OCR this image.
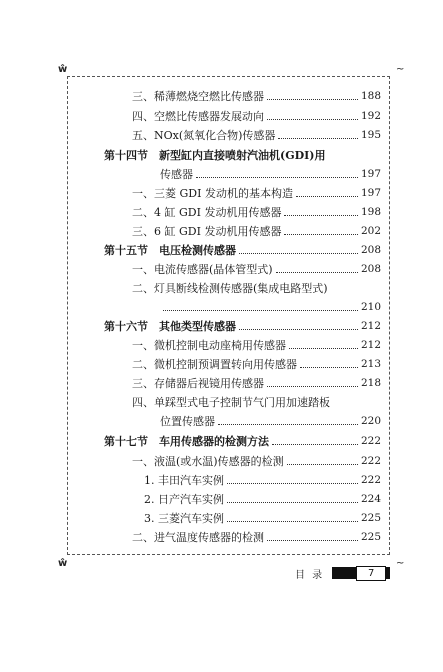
ŵ
ŵ
~
~
三、稀薄燃烧空燃比传感器	188
四、空燃比传感器发展动向	192
五、NOx(氮氧化合物)传感器	195
第十四节　新型缸内直接喷射汽油机(GDI)用
传感器	197
一、三菱 GDI 发动机的基本构造	197
二、4 缸 GDI 发动机用传感器	198
三、6 缸 GDI 发动机用传感器	202
第十五节　电压检测传感器	208
一、电流传感器(晶体管型式)	208
二、灯具断线检测传感器(集成电路型式)
210
第十六节　其他类型传感器	212
一、微机控制电动座椅用传感器	212
二、微机控制预调置转向用传感器	213
三、存储器后视镜用传感器	218
四、单踩型式电子控制节气门用加速踏板
位置传感器	220
第十七节　车用传感器的检测方法	222
一、液温(或水温)传感器的检测	222
1. 丰田汽车实例	222
2. 日产汽车实例	224
3. 三菱汽车实例	225
二、进气温度传感器的检测	225
目 录	7
